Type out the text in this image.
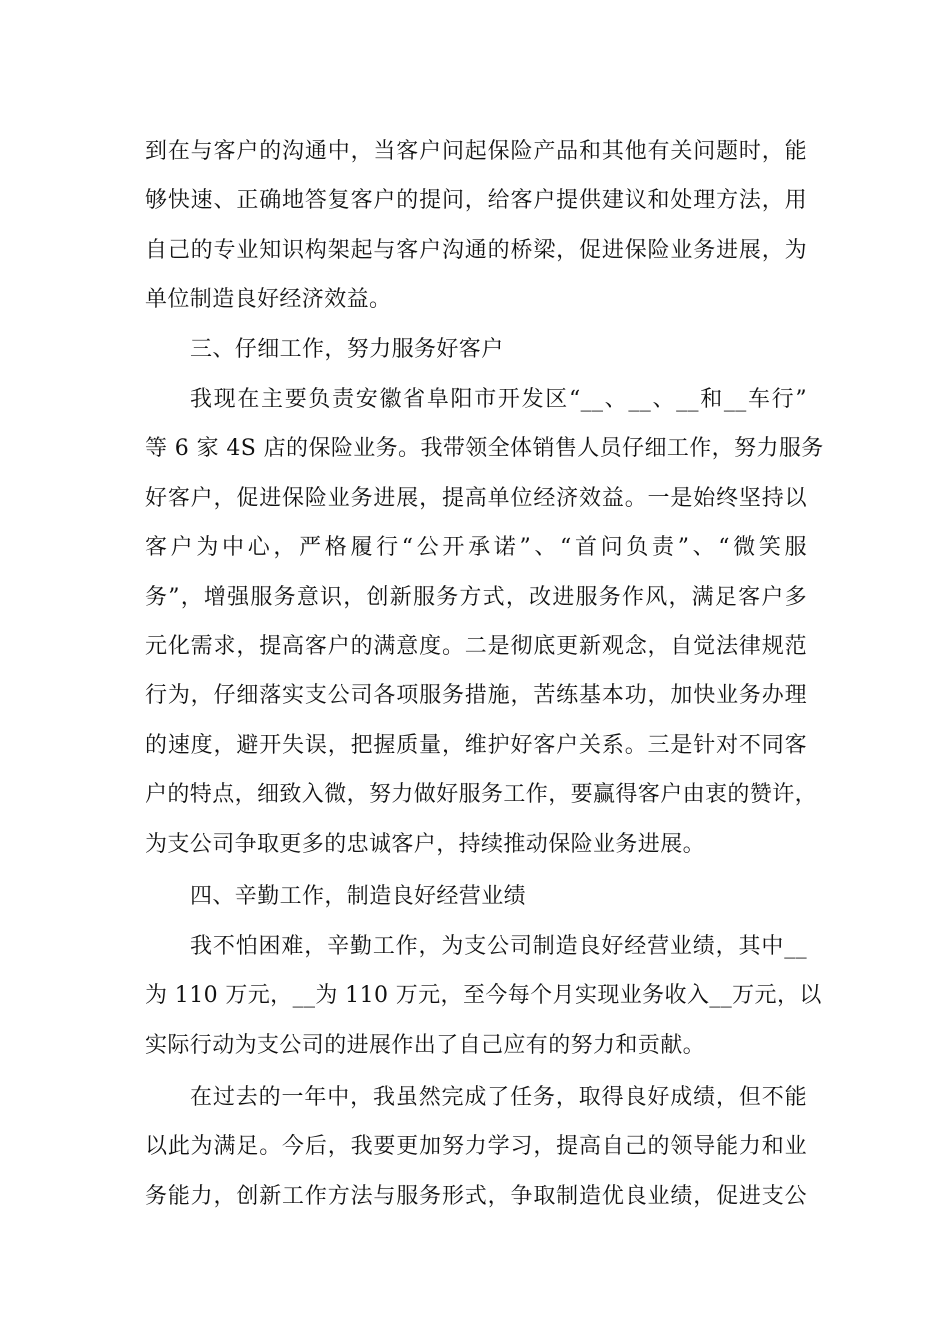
到在与客户的沟通中，当客户问起保险产品和其他有关问题时，能
够快速、正确地答复客户的提问，给客户提供建议和处理方法，用
自己的专业知识构架起与客户沟通的桥梁，促进保险业务进展，为
单位制造良好经济效益。
三、仔细工作，努力服务好客户
我现在主要负责安徽省阜阳市开发区“__、__、__和__车行”
等 6 家 4S 店的保险业务。我带领全体销售人员仔细工作，努力服务
好客户，促进保险业务进展，提高单位经济效益。一是始终坚持以
客户为中心，严格履行“公开承诺”、“首问负责”、“微笑服
务”，增强服务意识，创新服务方式，改进服务作风，满足客户多
元化需求，提高客户的满意度。二是彻底更新观念，自觉法律规范
行为，仔细落实支公司各项服务措施，苦练基本功，加快业务办理
的速度，避开失误，把握质量，维护好客户关系。三是针对不同客
户的特点，细致入微，努力做好服务工作，要赢得客户由衷的赞许，
为支公司争取更多的忠诚客户，持续推动保险业务进展。
四、辛勤工作，制造良好经营业绩
我不怕困难，辛勤工作，为支公司制造良好经营业绩，其中__
为 110 万元，__为 110 万元，至今每个月实现业务收入__万元，以
实际行动为支公司的进展作出了自己应有的努力和贡献。
在过去的一年中，我虽然完成了任务，取得良好成绩，但不能
以此为满足。今后，我要更加努力学习，提高自己的领导能力和业
务能力，创新工作方法与服务形式，争取制造优良业绩，促进支公
